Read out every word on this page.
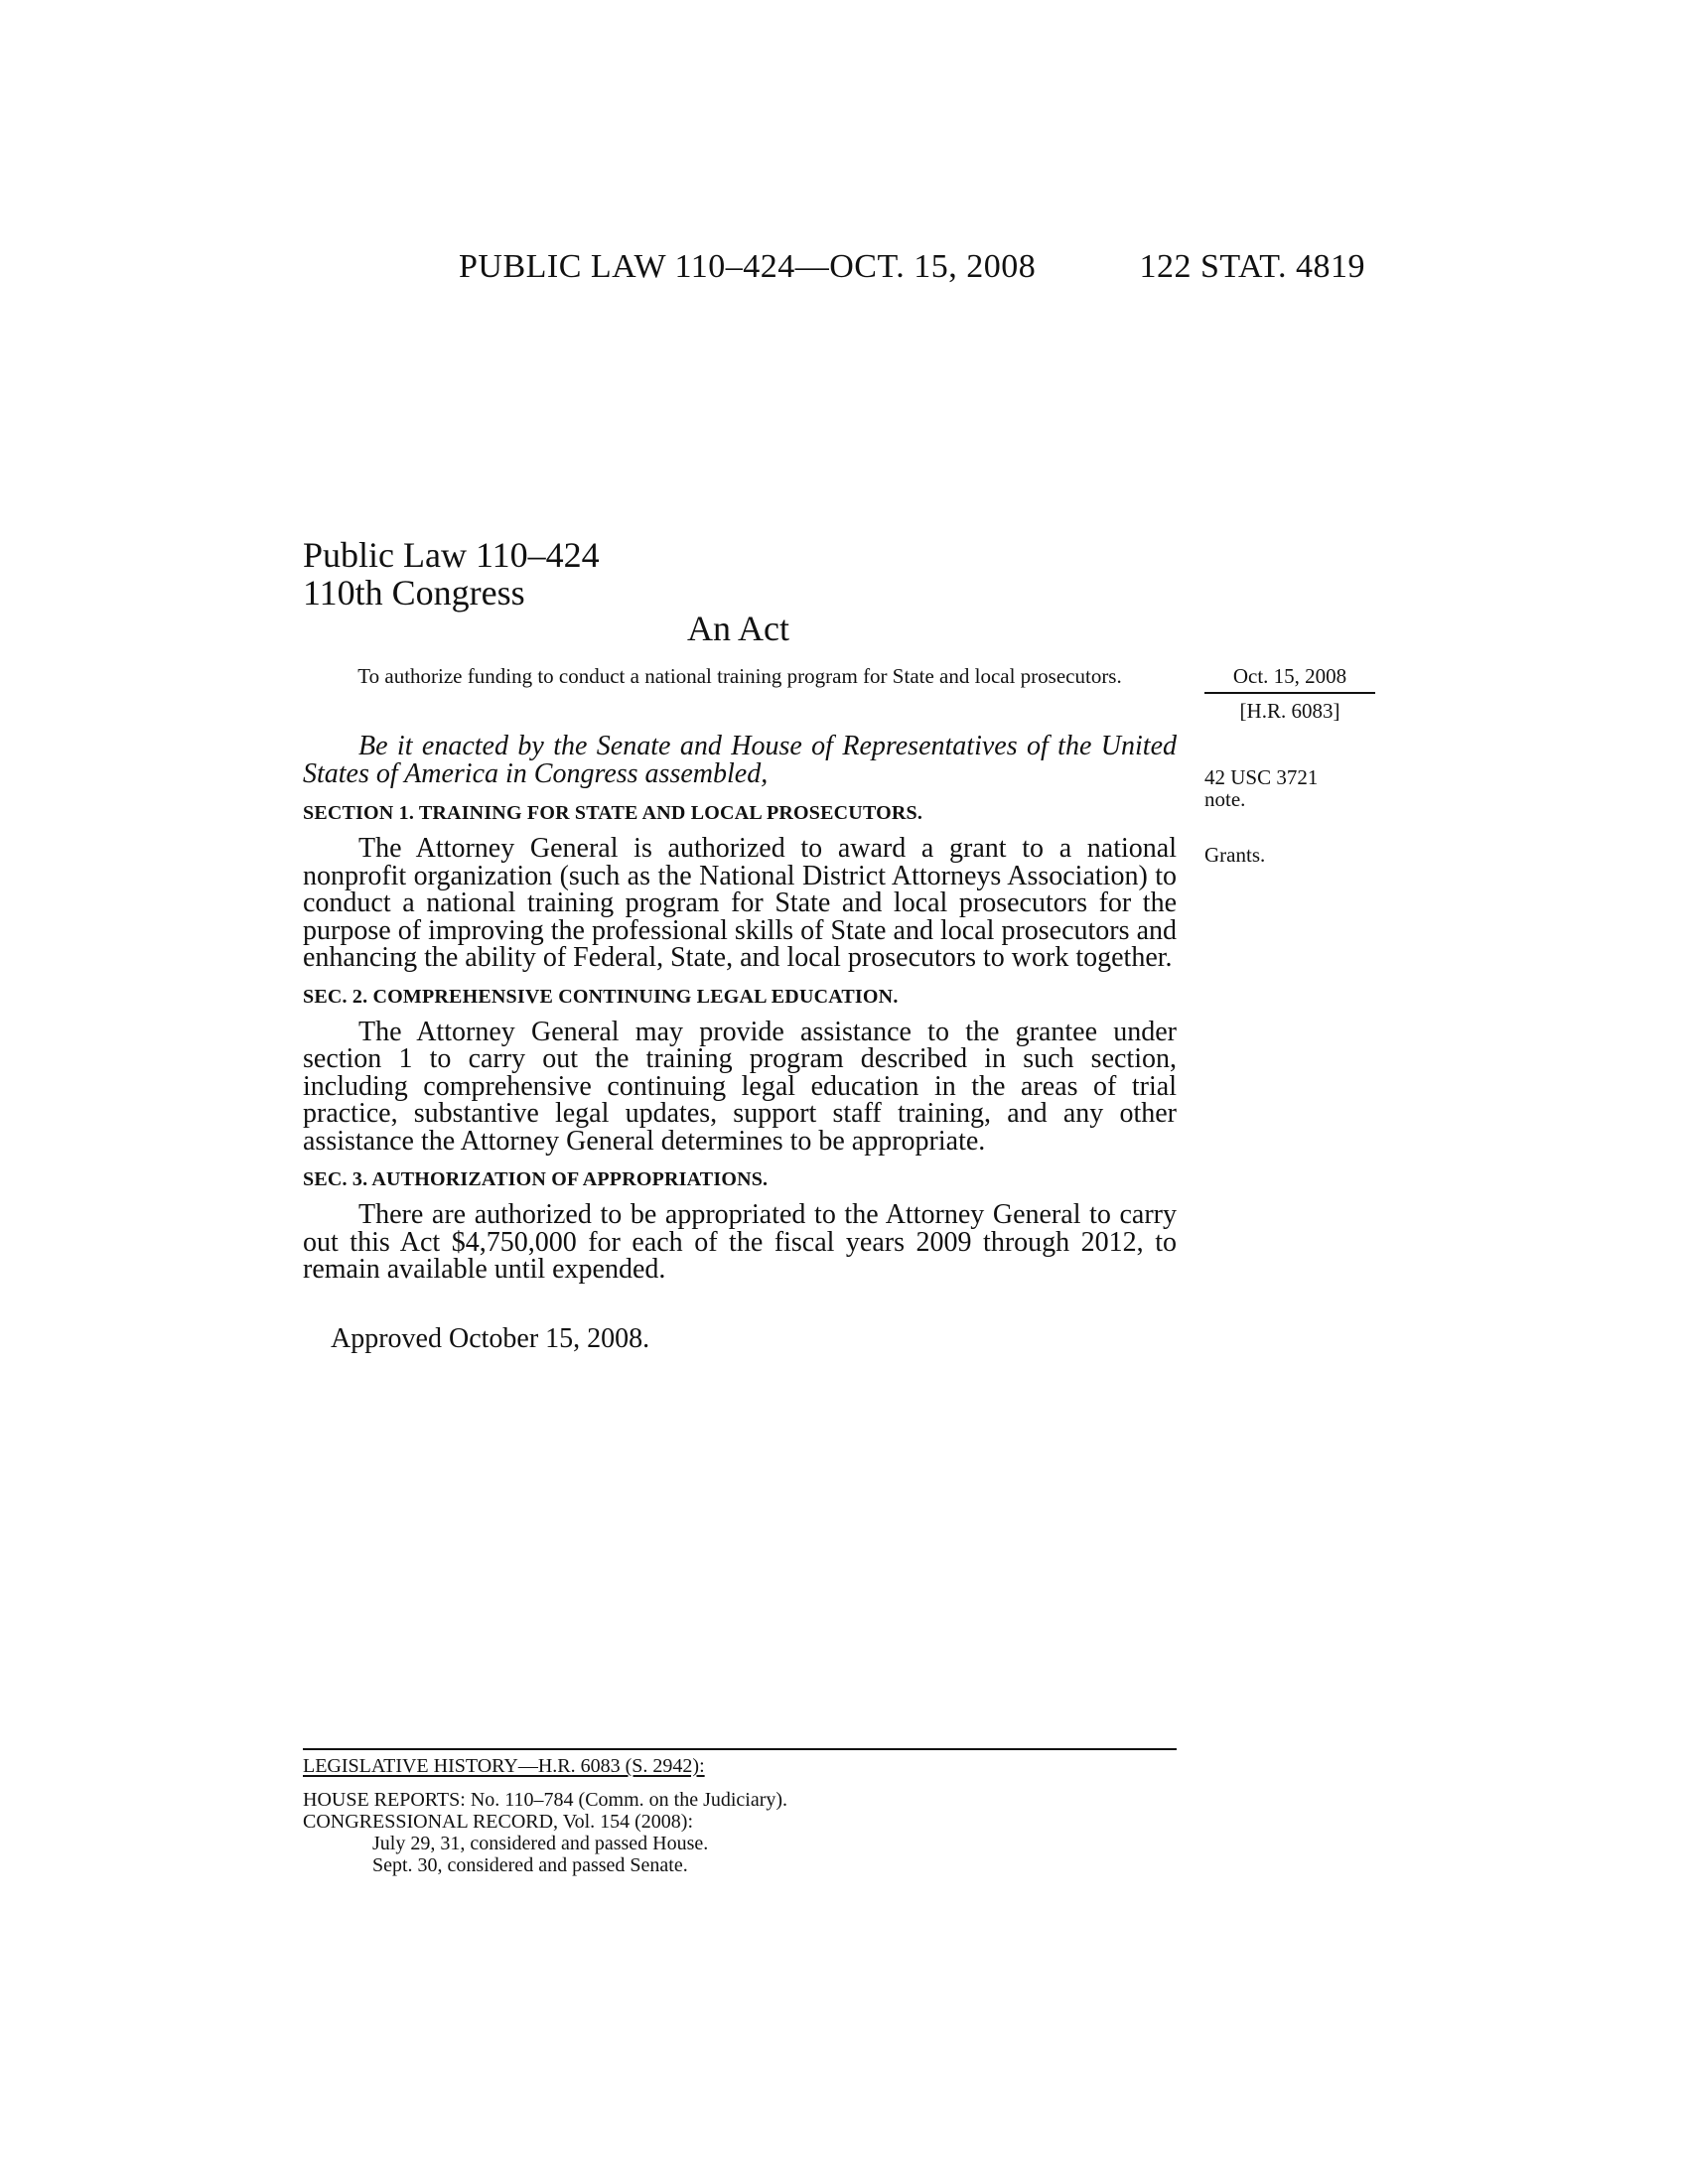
PUBLIC LAW 110–424—OCT. 15, 2008	122 STAT. 4819
Public Law 110–424
110th Congress
An Act
To authorize funding to conduct a national training program for State and local prosecutors.	Oct. 15, 2008
[H.R. 6083]
42 USC 3721
note.
Grants.

Be it enacted by the Senate and House of Representatives of the United States of America in Congress assembled,

SECTION 1. TRAINING FOR STATE AND LOCAL PROSECUTORS.

The Attorney General is authorized to award a grant to a national nonprofit organization (such as the National District Attorneys Association) to conduct a national training program for State and local prosecutors for the purpose of improving the professional skills of State and local prosecutors and enhancing the ability of Federal, State, and local prosecutors to work together.

SEC. 2. COMPREHENSIVE CONTINUING LEGAL EDUCATION.

The Attorney General may provide assistance to the grantee under section 1 to carry out the training program described in such section, including comprehensive continuing legal education in the areas of trial practice, substantive legal updates, support staff training, and any other assistance the Attorney General determines to be appropriate.

SEC. 3. AUTHORIZATION OF APPROPRIATIONS.

There are authorized to be appropriated to the Attorney General to carry out this Act $4,750,000 for each of the fiscal years 2009 through 2012, to remain available until expended.

Approved October 15, 2008.
LEGISLATIVE HISTORY—H.R. 6083 (S. 2942):
HOUSE REPORTS: No. 110–784 (Comm. on the Judiciary).
CONGRESSIONAL RECORD, Vol. 154 (2008):
July 29, 31, considered and passed House.
Sept. 30, considered and passed Senate.
